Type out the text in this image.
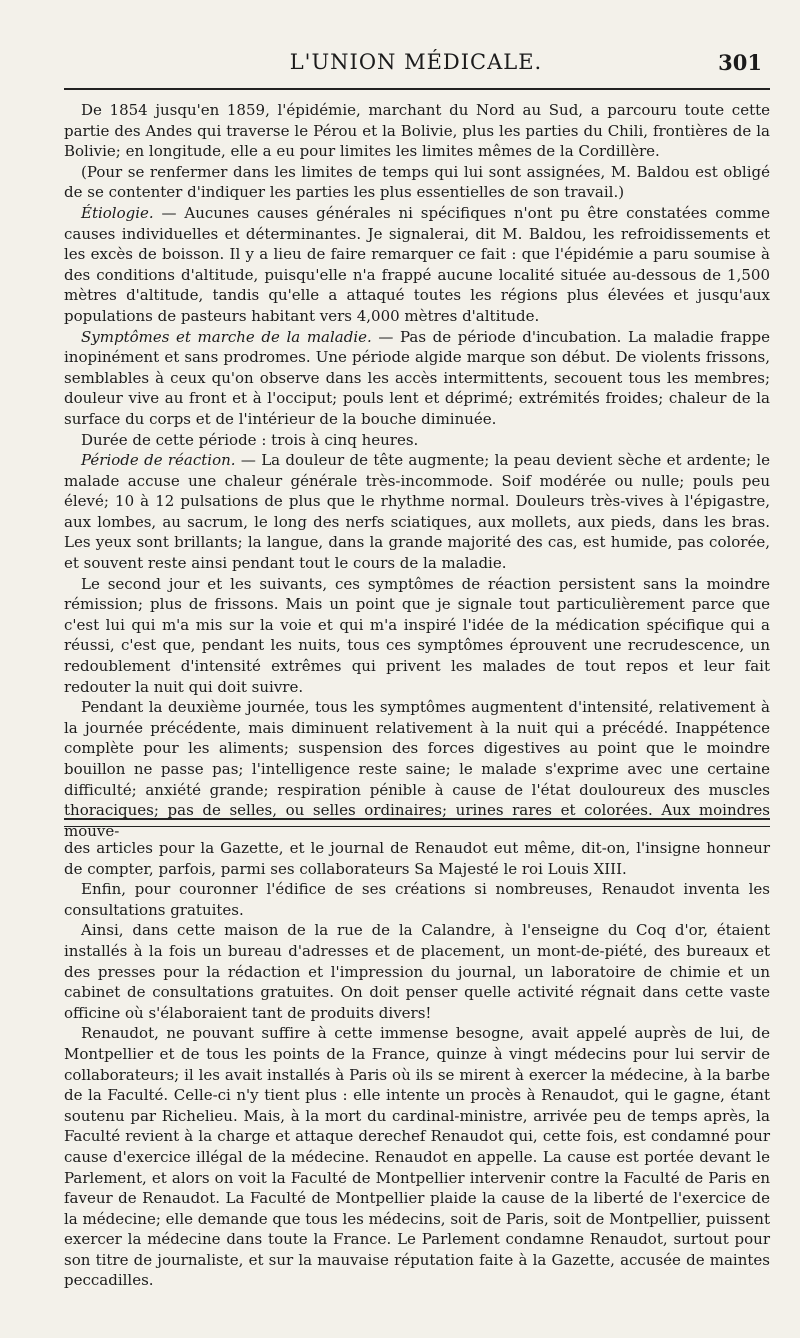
L'UNION MÉDICALE.	301

De 1854 jusqu'en 1859, l'épidémie, marchant du Nord au Sud, a parcouru toute cette partie des Andes qui traverse le Pérou et la Bolivie, plus les parties du Chili, frontières de la Bolivie; en longitude, elle a eu pour limites les limites mêmes de la Cordillère.

(Pour se renfermer dans les limites de temps qui lui sont assignées, M. Baldou est obligé de se contenter d'indiquer les parties les plus essentielles de son travail.)

Étiologie. — Aucunes causes générales ni spécifiques n'ont pu être constatées comme causes individuelles et déterminantes. Je signalerai, dit M. Baldou, les refroidissements et les excès de boisson. Il y a lieu de faire remarquer ce fait : que l'épidémie a paru soumise à des conditions d'altitude, puisqu'elle n'a frappé aucune localité située au-dessous de 1,500 mètres d'altitude, tandis qu'elle a attaqué toutes les régions plus élevées et jusqu'aux populations de pasteurs habitant vers 4,000 mètres d'altitude.

Symptômes et marche de la maladie. — Pas de période d'incubation. La maladie frappe inopinément et sans prodromes. Une période algide marque son début. De violents frissons, semblables à ceux qu'on observe dans les accès intermittents, secouent tous les membres; douleur vive au front et à l'occiput; pouls lent et déprimé; extrémités froides; chaleur de la surface du corps et de l'intérieur de la bouche diminuée.

Durée de cette période : trois à cinq heures.

Période de réaction. — La douleur de tête augmente; la peau devient sèche et ardente; le malade accuse une chaleur générale très-incommode. Soif modérée ou nulle; pouls peu élevé; 10 à 12 pulsations de plus que le rhythme normal. Douleurs très-vives à l'épigastre, aux lombes, au sacrum, le long des nerfs sciatiques, aux mollets, aux pieds, dans les bras. Les yeux sont brillants; la langue, dans la grande majorité des cas, est humide, pas colorée, et souvent reste ainsi pendant tout le cours de la maladie.

Le second jour et les suivants, ces symptômes de réaction persistent sans la moindre rémission; plus de frissons. Mais un point que je signale tout particulièrement parce que c'est lui qui m'a mis sur la voie et qui m'a inspiré l'idée de la médication spécifique qui a réussi, c'est que, pendant les nuits, tous ces symptômes éprouvent une recrudescence, un redoublement d'intensité extrêmes qui privent les malades de tout repos et leur fait redouter la nuit qui doit suivre.

Pendant la deuxième journée, tous les symptômes augmentent d'intensité, relativement à la journée précédente, mais diminuent relativement à la nuit qui a précédé. Inappétence complète pour les aliments; suspension des forces digestives au point que le moindre bouillon ne passe pas; l'intelligence reste saine; le malade s'exprime avec une certaine difficulté; anxiété grande; respiration pénible à cause de l'état douloureux des muscles thoraciques; pas de selles, ou selles ordinaires; urines rares et colorées. Aux moindres mouve-

des articles pour la Gazette, et le journal de Renaudot eut même, dit-on, l'insigne honneur de compter, parfois, parmi ses collaborateurs Sa Majesté le roi Louis XIII.

Enfin, pour couronner l'édifice de ses créations si nombreuses, Renaudot inventa les consultations gratuites.

Ainsi, dans cette maison de la rue de la Calandre, à l'enseigne du Coq d'or, étaient installés à la fois un bureau d'adresses et de placement, un mont-de-piété, des bureaux et des presses pour la rédaction et l'impression du journal, un laboratoire de chimie et un cabinet de consultations gratuites. On doit penser quelle activité régnait dans cette vaste officine où s'élaboraient tant de produits divers!

Renaudot, ne pouvant suffire à cette immense besogne, avait appelé auprès de lui, de Montpellier et de tous les points de la France, quinze à vingt médecins pour lui servir de collaborateurs; il les avait installés à Paris où ils se mirent à exercer la médecine, à la barbe de la Faculté. Celle-ci n'y tient plus : elle intente un procès à Renaudot, qui le gagne, étant soutenu par Richelieu. Mais, à la mort du cardinal-ministre, arrivée peu de temps après, la Faculté revient à la charge et attaque derechef Renaudot qui, cette fois, est condamné pour cause d'exercice illégal de la médecine. Renaudot en appelle. La cause est portée devant le Parlement, et alors on voit la Faculté de Montpellier intervenir contre la Faculté de Paris en faveur de Renaudot. La Faculté de Montpellier plaide la cause de la liberté de l'exercice de la médecine; elle demande que tous les médecins, soit de Paris, soit de Montpellier, puissent exercer la médecine dans toute la France. Le Parlement condamne Renaudot, surtout pour son titre de journaliste, et sur la mauvaise réputation faite à la Gazette, accusée de maintes peccadilles.
